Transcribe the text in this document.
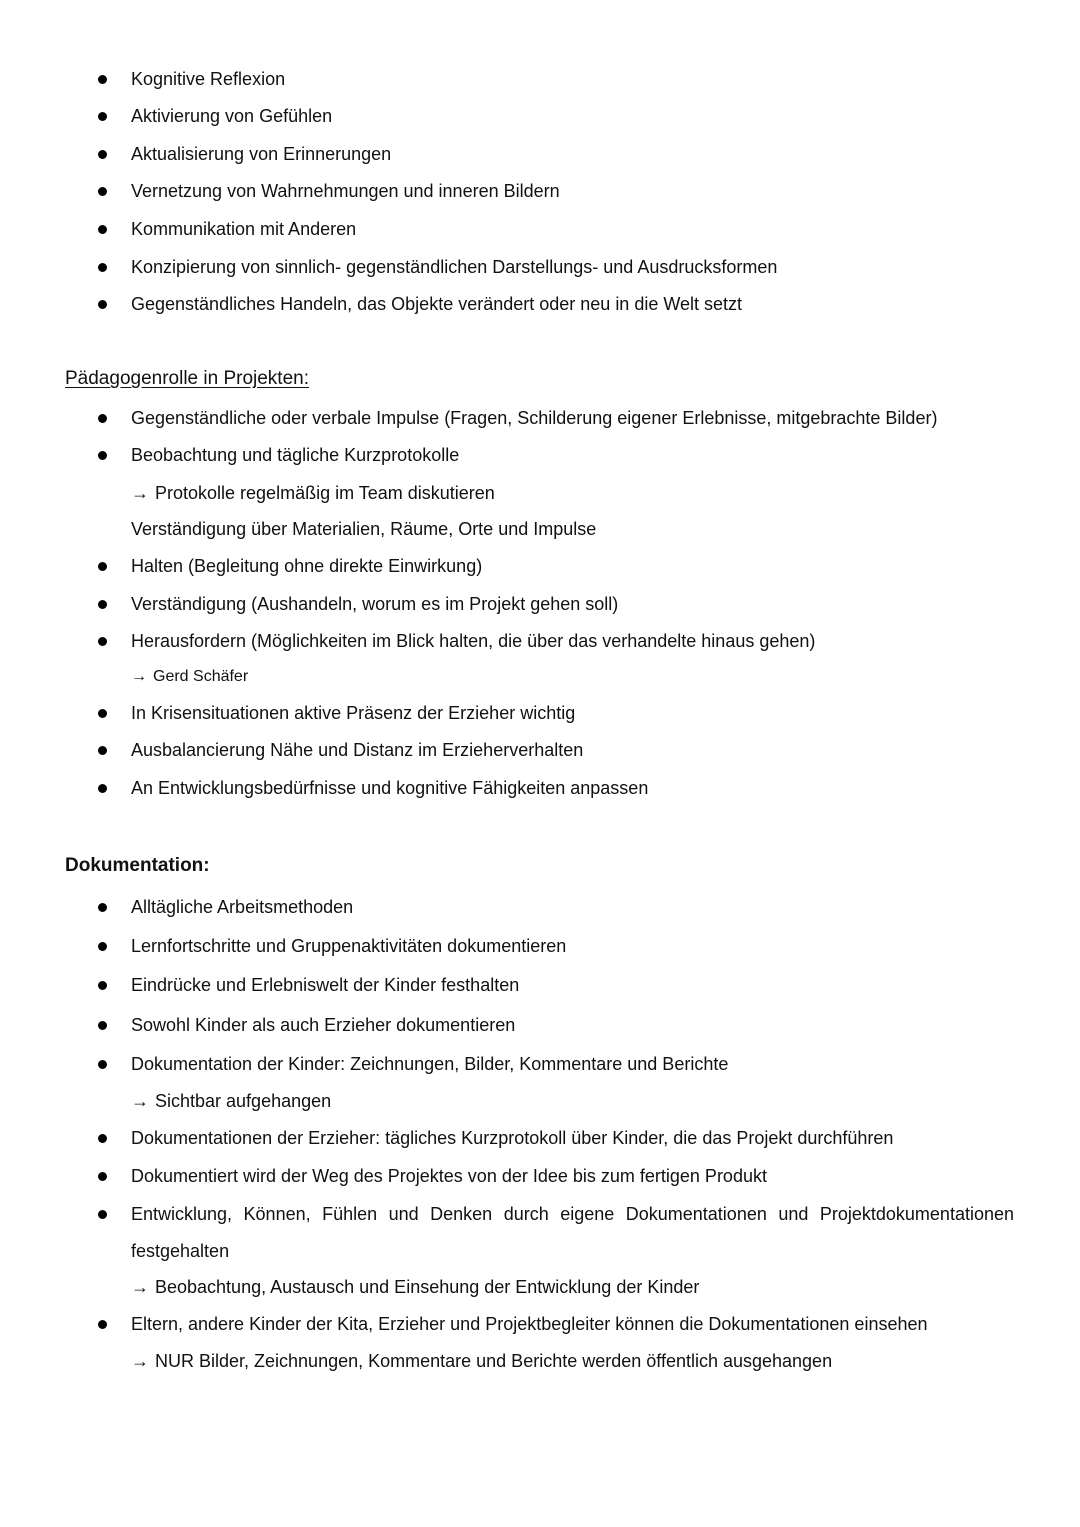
Kognitive Reflexion
Aktivierung von Gefühlen
Aktualisierung von Erinnerungen
Vernetzung von Wahrnehmungen und inneren Bildern
Kommunikation mit Anderen
Konzipierung von sinnlich- gegenständlichen Darstellungs- und Ausdrucksformen
Gegenständliches Handeln, das Objekte verändert oder neu in die Welt setzt
Pädagogenrolle in Projekten:
Gegenständliche oder verbale Impulse (Fragen, Schilderung eigener Erlebnisse, mitgebrachte Bilder)
Beobachtung und tägliche Kurzprotokolle
→ Protokolle regelmäßig im Team diskutieren
Verständigung über Materialien, Räume, Orte und Impulse
Halten (Begleitung ohne direkte Einwirkung)
Verständigung (Aushandeln, worum es im Projekt gehen soll)
Herausfordern (Möglichkeiten im Blick halten, die über das verhandelte hinaus gehen)
→ Gerd Schäfer
In Krisensituationen aktive Präsenz der Erzieher wichtig
Ausbalancierung Nähe und Distanz im Erzieherverhalten
An Entwicklungsbedürfnisse und kognitive Fähigkeiten anpassen
Dokumentation:
Alltägliche Arbeitsmethoden
Lernfortschritte und Gruppenaktivitäten dokumentieren
Eindrücke und Erlebniswelt der Kinder festhalten
Sowohl Kinder als auch Erzieher dokumentieren
Dokumentation der Kinder: Zeichnungen, Bilder, Kommentare und Berichte
→ Sichtbar aufgehangen
Dokumentationen der Erzieher: tägliches Kurzprotokoll über Kinder, die das Projekt durchführen
Dokumentiert wird der Weg des Projektes von der Idee bis zum fertigen Produkt
Entwicklung, Können, Fühlen und Denken durch eigene Dokumentationen und Projektdokumentationen
festgehalten
→ Beobachtung, Austausch und Einsehung der Entwicklung der Kinder
Eltern, andere Kinder der Kita, Erzieher und Projektbegleiter können die Dokumentationen einsehen
→ NUR Bilder, Zeichnungen, Kommentare und Berichte werden öffentlich ausgehangen
